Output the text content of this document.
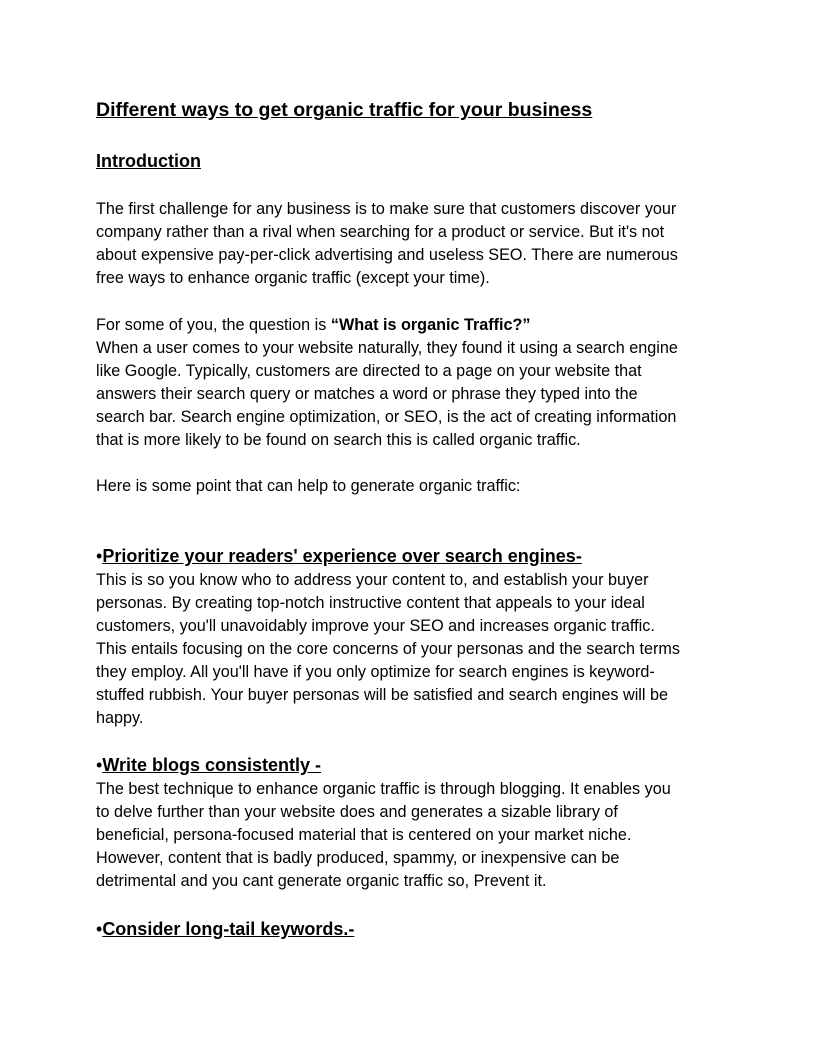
Different ways to get organic traffic for your business
Introduction

The first challenge for any business is to make sure that customers discover your
company rather than a rival when searching for a product or service. But it's not
about expensive pay-per-click advertising and useless SEO. There are numerous
free ways to enhance organic traffic (except your time).

For some of you, the question is “What is organic Traffic?”

When a user comes to your website naturally, they found it using a search engine
like Google. Typically, customers are directed to a page on your website that
answers their search query or matches a word or phrase they typed into the
search bar. Search engine optimization, or SEO, is the act of creating information
that is more likely to be found on search this is called organic traffic.

Here is some point that can help to generate organic traffic:

•Prioritize your readers' experience over search engines-

This is so you know who to address your content to, and establish your buyer
personas. By creating top-notch instructive content that appeals to your ideal
customers, you'll unavoidably improve your SEO and increases organic traffic.
This entails focusing on the core concerns of your personas and the search terms
they employ. All you'll have if you only optimize for search engines is keyword-
stuffed rubbish. Your buyer personas will be satisfied and search engines will be
happy.

•Write blogs consistently -

The best technique to enhance organic traffic is through blogging. It enables you
to delve further than your website does and generates a sizable library of
beneficial, persona-focused material that is centered on your market niche.
However, content that is badly produced, spammy, or inexpensive can be
detrimental and you cant generate organic traffic so, Prevent it.

•Consider long-tail keywords.-
